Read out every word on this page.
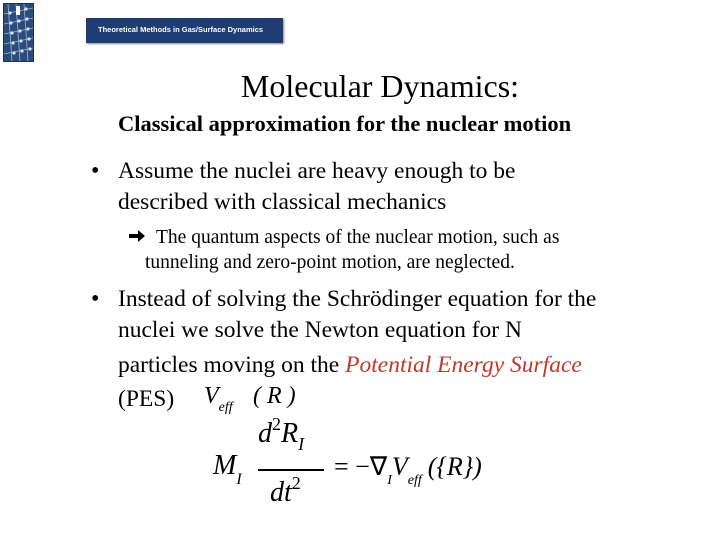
Theoretical Methods in Gas/Surface Dynamics
Molecular Dynamics:
Classical approximation for the nuclear motion
• Assume the nuclei are heavy enough to be
described with classical mechanics
The quantum aspects of the nuclear motion, such as
tunneling and zero-point motion, are neglected.
• Instead of solving the Schrödinger equation for the
nuclei we solve the Newton equation for N
particles moving on the Potential Energy Surface
(PES) $V_{eff}$ ( R )
$M_I$
$d^2R_I$
$dt^2$
= $-\nabla_IV_{eff}$ ({R})
